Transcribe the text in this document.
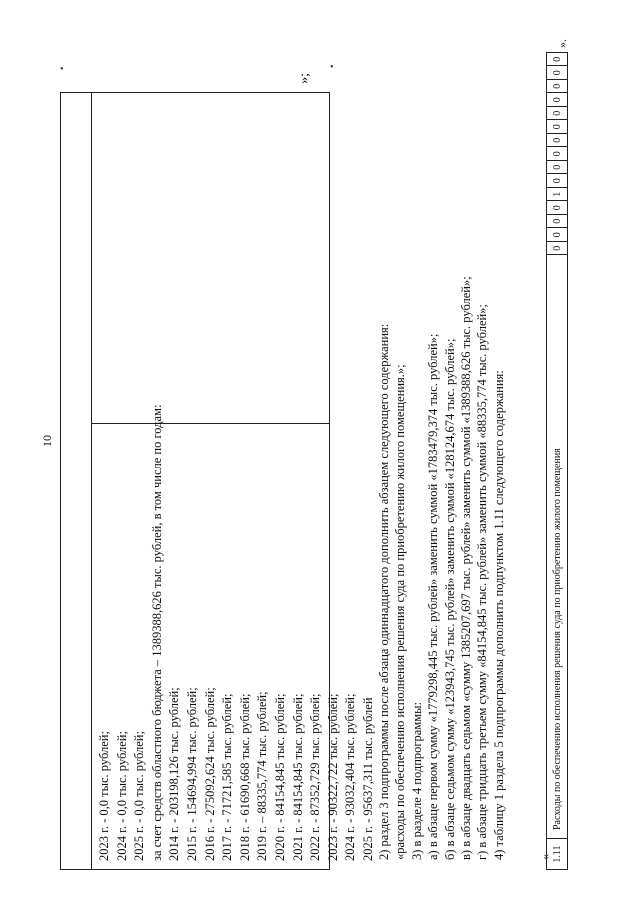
•
•
10
2023 г. - 0,0 тыс. рублей; 2024 г. - 0,0 тыс. рублей; 2025 г. - 0,0 тыс. рублей; за счет средств областного бюджета – 1389388,626 тыс. рублей, в том числе по годам: 2014 г. - 203198,126 тыс. рублей; 2015 г. - 154694,994 тыс. рублей; 2016 г. - 275092,624 тыс. рублей; 2017 г. - 71721,585 тыс. рублей; 2018 г. - 61690,668 тыс. рублей; 2019 г. – 88335,774 тыс. рублей; 2020 г. - 84154,845 тыс. рублей; 2021 г. - 84154,845 тыс. рублей; 2022 г. - 87352,729 тыс. рублей; 2023 г. - 90322,722 тыс. рублей; 2024 г. - 93032,404 тыс. рублей; 2025 г. - 95637,311 тыс. рублей
»;
2) раздел 3 подпрограммы после абзаца одиннадцатого дополнить абзацем следующего содержания: «расходы по обеспечению исполнения решения суда по приобретению жилого помещения.»; 3) в разделе 4 подпрограммы: а) в абзаце первом сумму «1779298,445 тыс. рублей» заменить суммой «1783479,374 тыс. рублей»; б) в абзаце седьмом сумму «123943,745 тыс. рублей» заменить суммой «128124,674 тыс. рублей»; в) в абзаце двадцать седьмом «сумму 1385207,697 тыс. рублей» заменить суммой «1389388,626 тыс. рублей»; г) в абзаце тридцать третьем сумму «84154,845 тыс. рублей» заменить суммой «88335,774 тыс. рублей»; 4) таблицу 1 раздела 5 подпрограммы дополнить подпунктом 1.11 следующего содержания:	« 1.11
Расходы по обеспечению исполнения решения суда по приобретению жилого помещения
0
0
0
0
1
0
0
0
0
0
0
0
0
0
0
».
